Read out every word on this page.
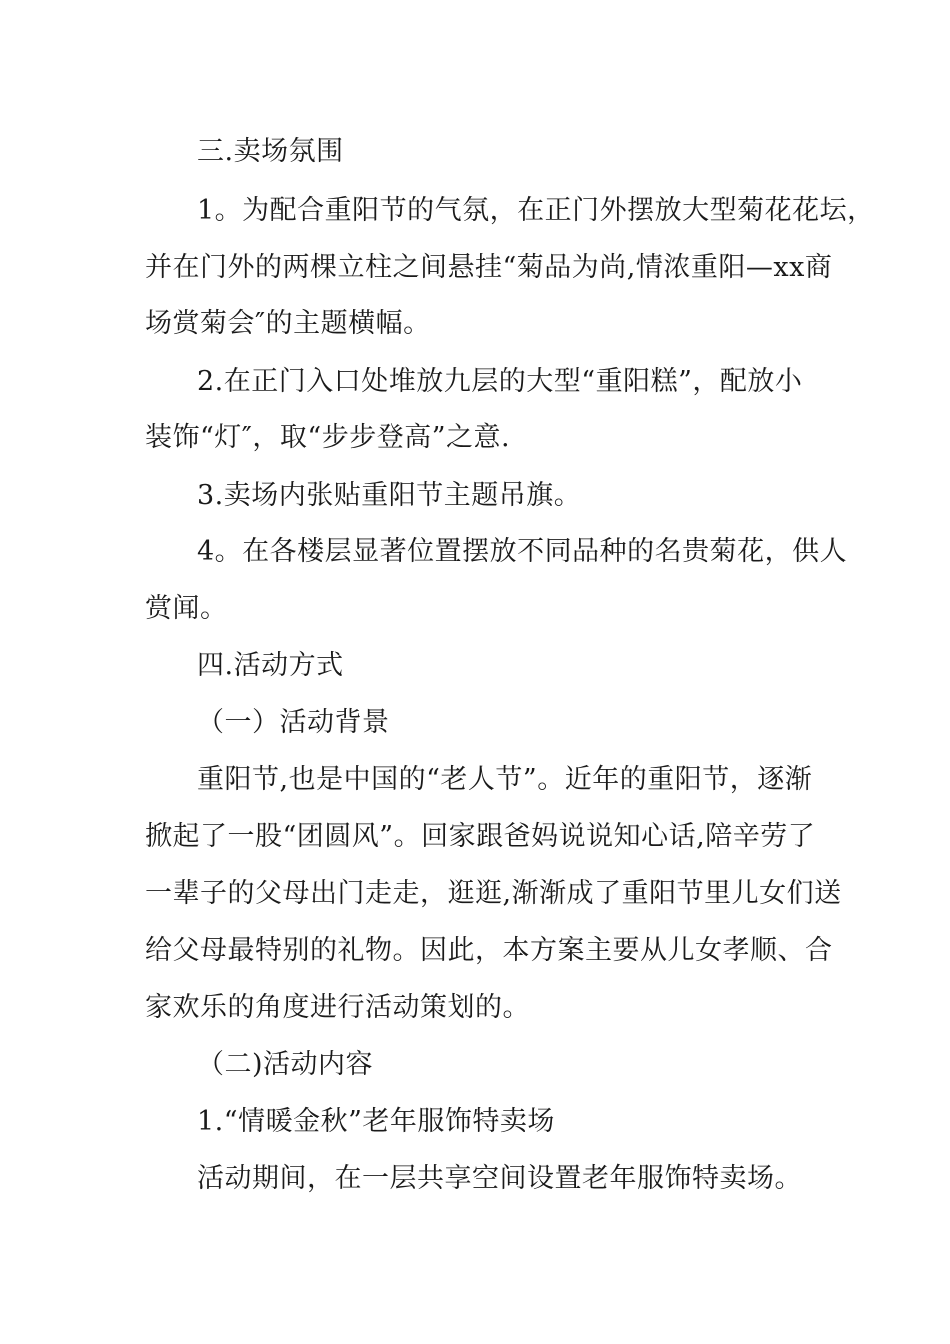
三.卖场氛围
1。为配合重阳节的气氛，在正门外摆放大型菊花花坛，
并在门外的两棵立柱之间悬挂“菊品为尚,情浓重阳—xx商
场赏菊会″的主题横幅。
2.在正门入口处堆放九层的大型“重阳糕”，配放小
装饰“灯″，取“步步登高”之意.
3.卖场内张贴重阳节主题吊旗。
4。在各楼层显著位置摆放不同品种的名贵菊花，供人
赏闻。
四.活动方式
（一）活动背景
重阳节,也是中国的“老人节”。近年的重阳节，逐渐
掀起了一股“团圆风”。回家跟爸妈说说知心话,陪辛劳了
一辈子的父母出门走走，逛逛,渐渐成了重阳节里儿女们送
给父母最特别的礼物。因此，本方案主要从儿女孝顺、合
家欢乐的角度进行活动策划的。
（二)活动内容
1.“情暖金秋”老年服饰特卖场
活动期间，在一层共享空间设置老年服饰特卖场。
